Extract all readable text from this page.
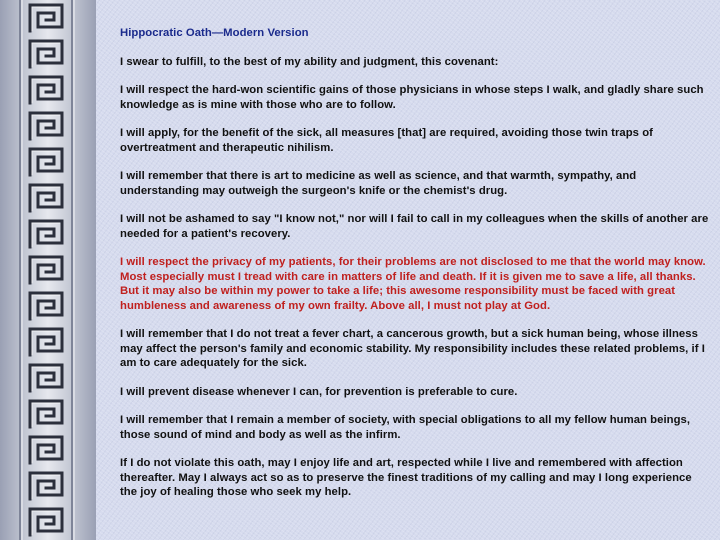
Hippocratic Oath—Modern Version

I swear to fulfill, to the best of my ability and judgment, this covenant:

I will respect the hard-won scientific gains of those physicians in whose steps I walk, and gladly share such knowledge as is mine with those who are to follow.

I will apply, for the benefit of the sick, all measures [that] are required, avoiding those twin traps of overtreatment and therapeutic nihilism.

I will remember that there is art to medicine as well as science, and that warmth, sympathy, and understanding may outweigh the surgeon's knife or the chemist's drug.

I will not be ashamed to say "I know not," nor will I fail to call in my colleagues when the skills of another are needed for a patient's recovery.

I will respect the privacy of my patients, for their problems are not disclosed to me that the world may know. Most especially must I tread with care in matters of life and death. If it is given me to save a life, all thanks. But it may also be within my power to take a life; this awesome responsibility must be faced with great humbleness and awareness of my own frailty. Above all, I must not play at God.

I will remember that I do not treat a fever chart, a cancerous growth, but a sick human being, whose illness may affect the person's family and economic stability. My responsibility includes these related problems, if I am to care adequately for the sick.

I will prevent disease whenever I can, for prevention is preferable to cure.

I will remember that I remain a member of society, with special obligations to all my fellow human beings, those sound of mind and body as well as the infirm.

If I do not violate this oath, may I enjoy life and art, respected while I live and remembered with affection thereafter. May I always act so as to preserve the finest traditions of my calling and may I long experience the joy of healing those who seek my help.
